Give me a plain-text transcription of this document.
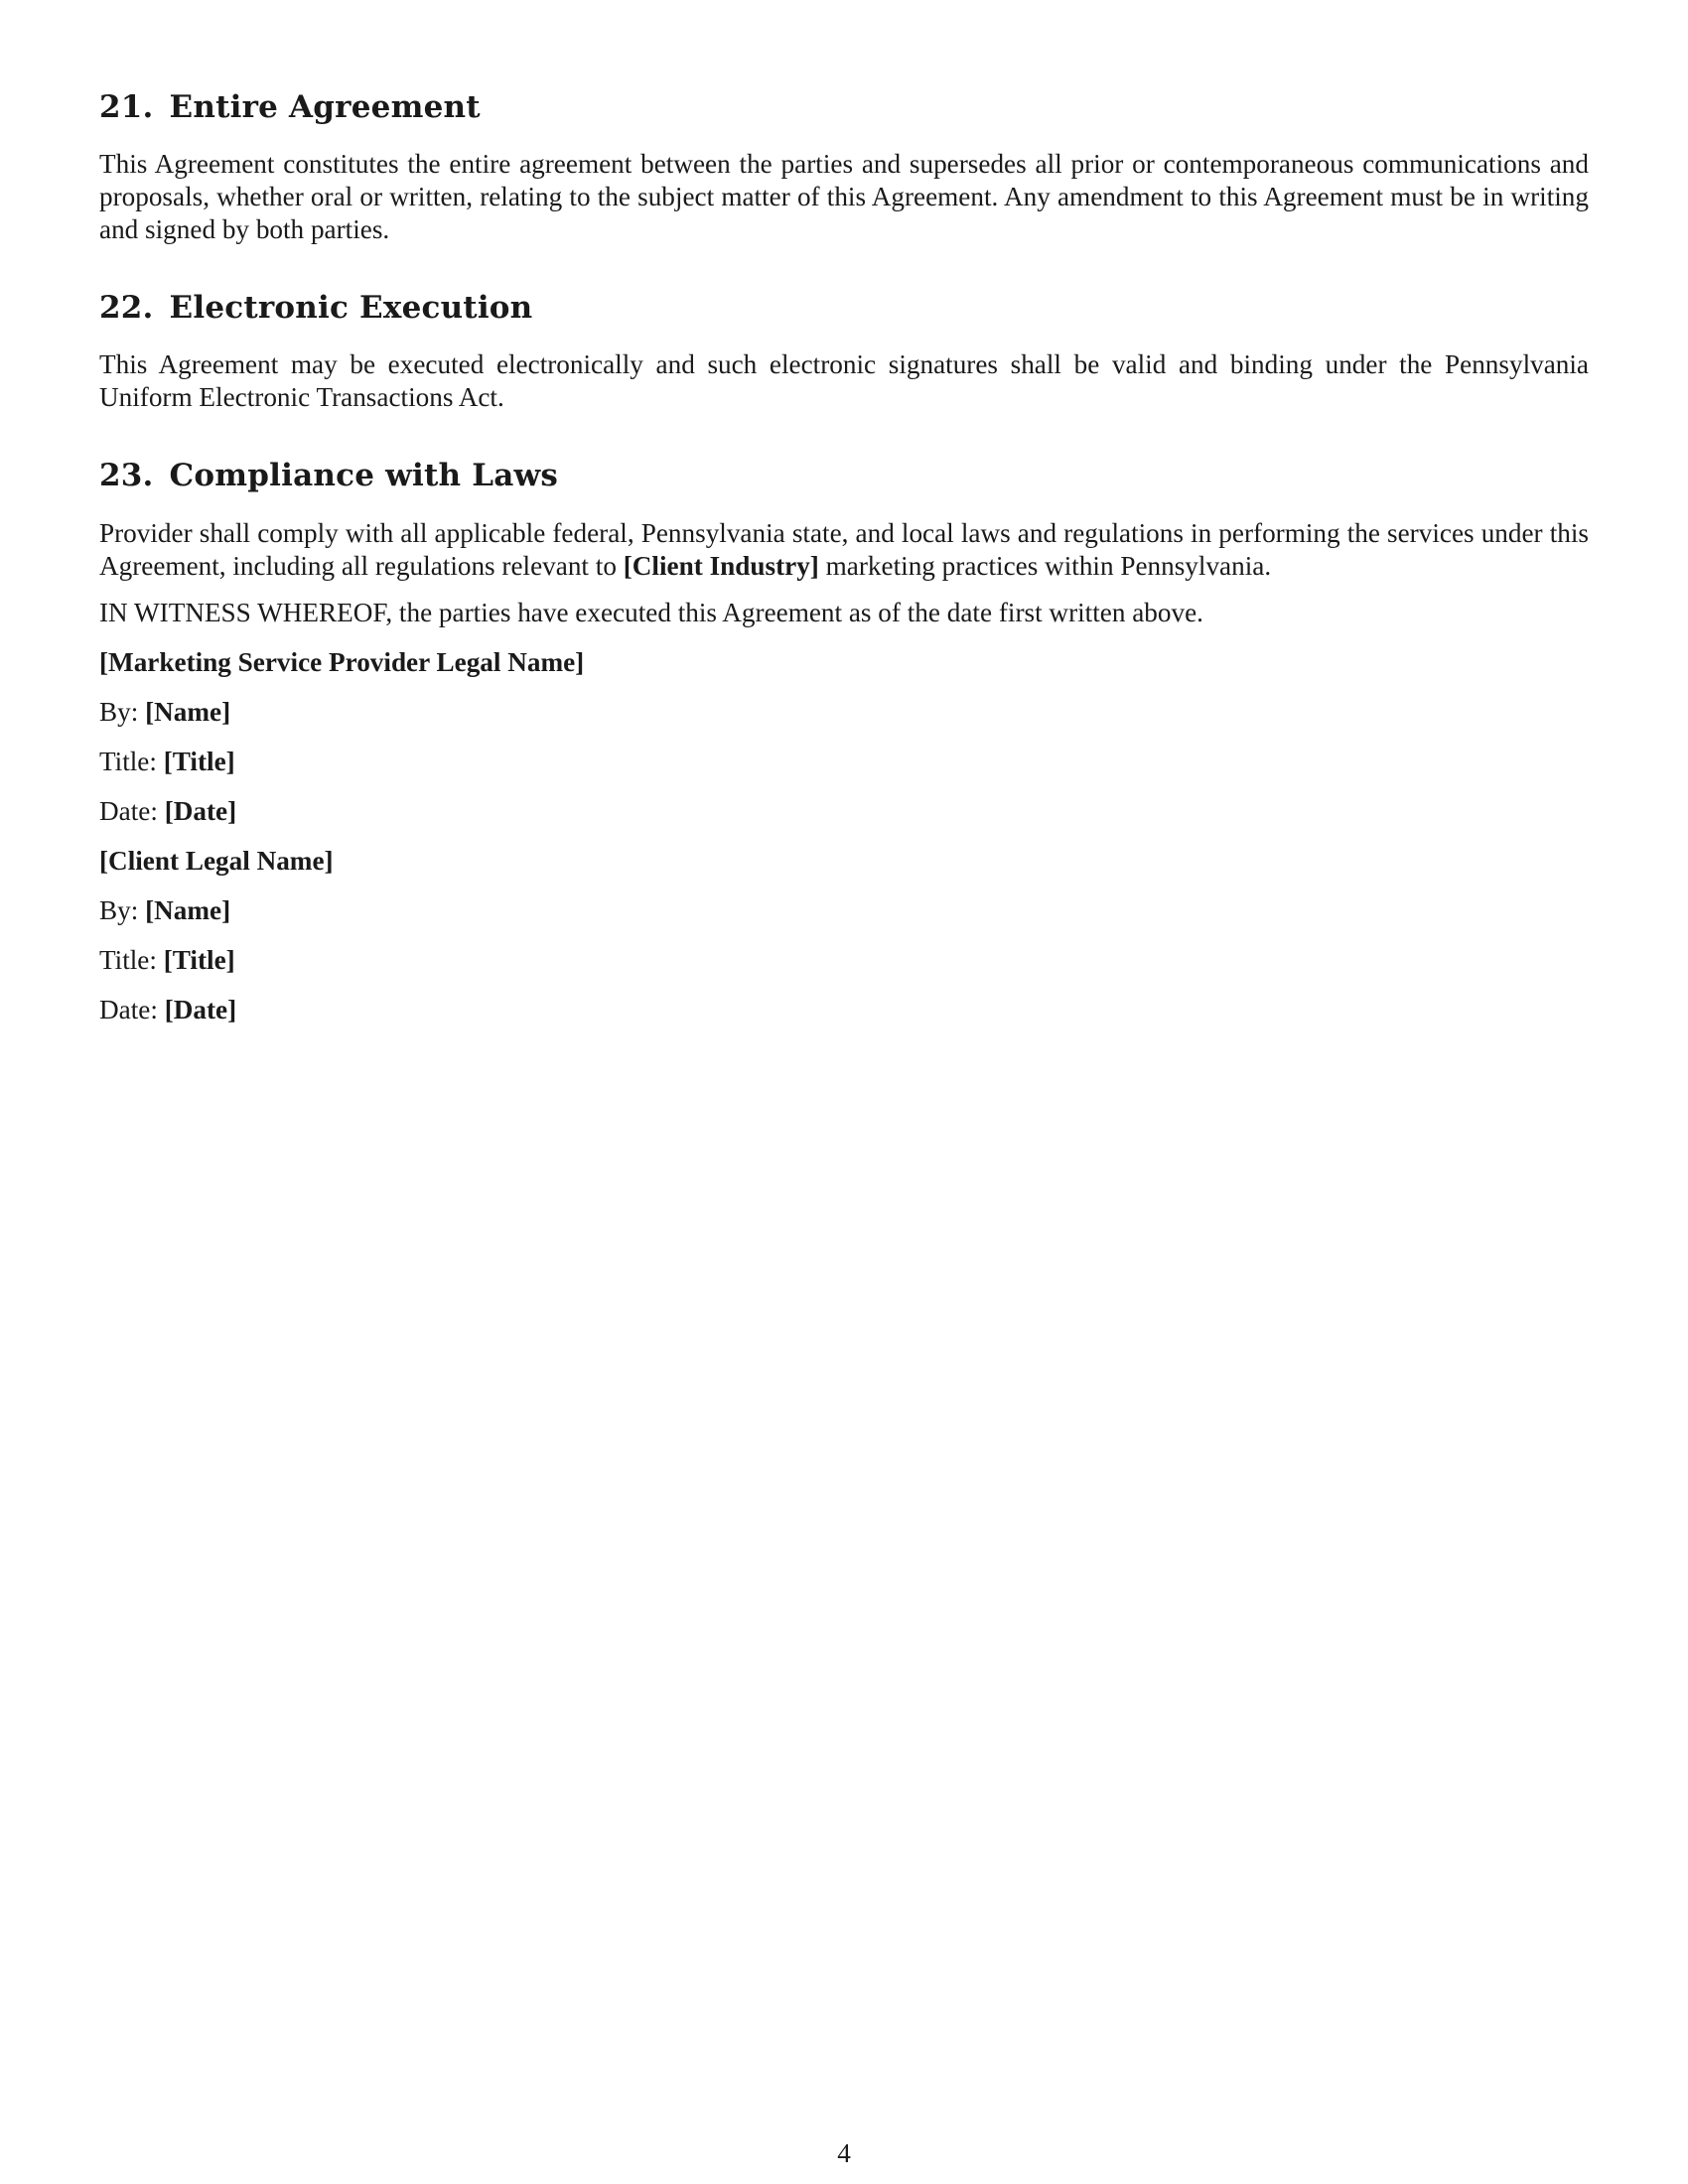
21. Entire Agreement

This Agreement constitutes the entire agreement between the parties and supersedes all prior or contemporaneous communications and proposals, whether oral or written, relating to the subject matter of this Agreement. Any amendment to this Agreement must be in writing and signed by both parties.

22. Electronic Execution

This Agreement may be executed electronically and such electronic signatures shall be valid and binding under the Pennsylvania Uniform Electronic Transactions Act.

23. Compliance with Laws

Provider shall comply with all applicable federal, Pennsylvania state, and local laws and regulations in performing the services under this Agreement, including all regulations relevant to [Client Industry] marketing practices within Pennsylvania.

IN WITNESS WHEREOF, the parties have executed this Agreement as of the date first written above.

[Marketing Service Provider Legal Name]

By: [Name]

Title: [Title]

Date: [Date]

[Client Legal Name]

By: [Name]

Title: [Title]

Date: [Date]

4
